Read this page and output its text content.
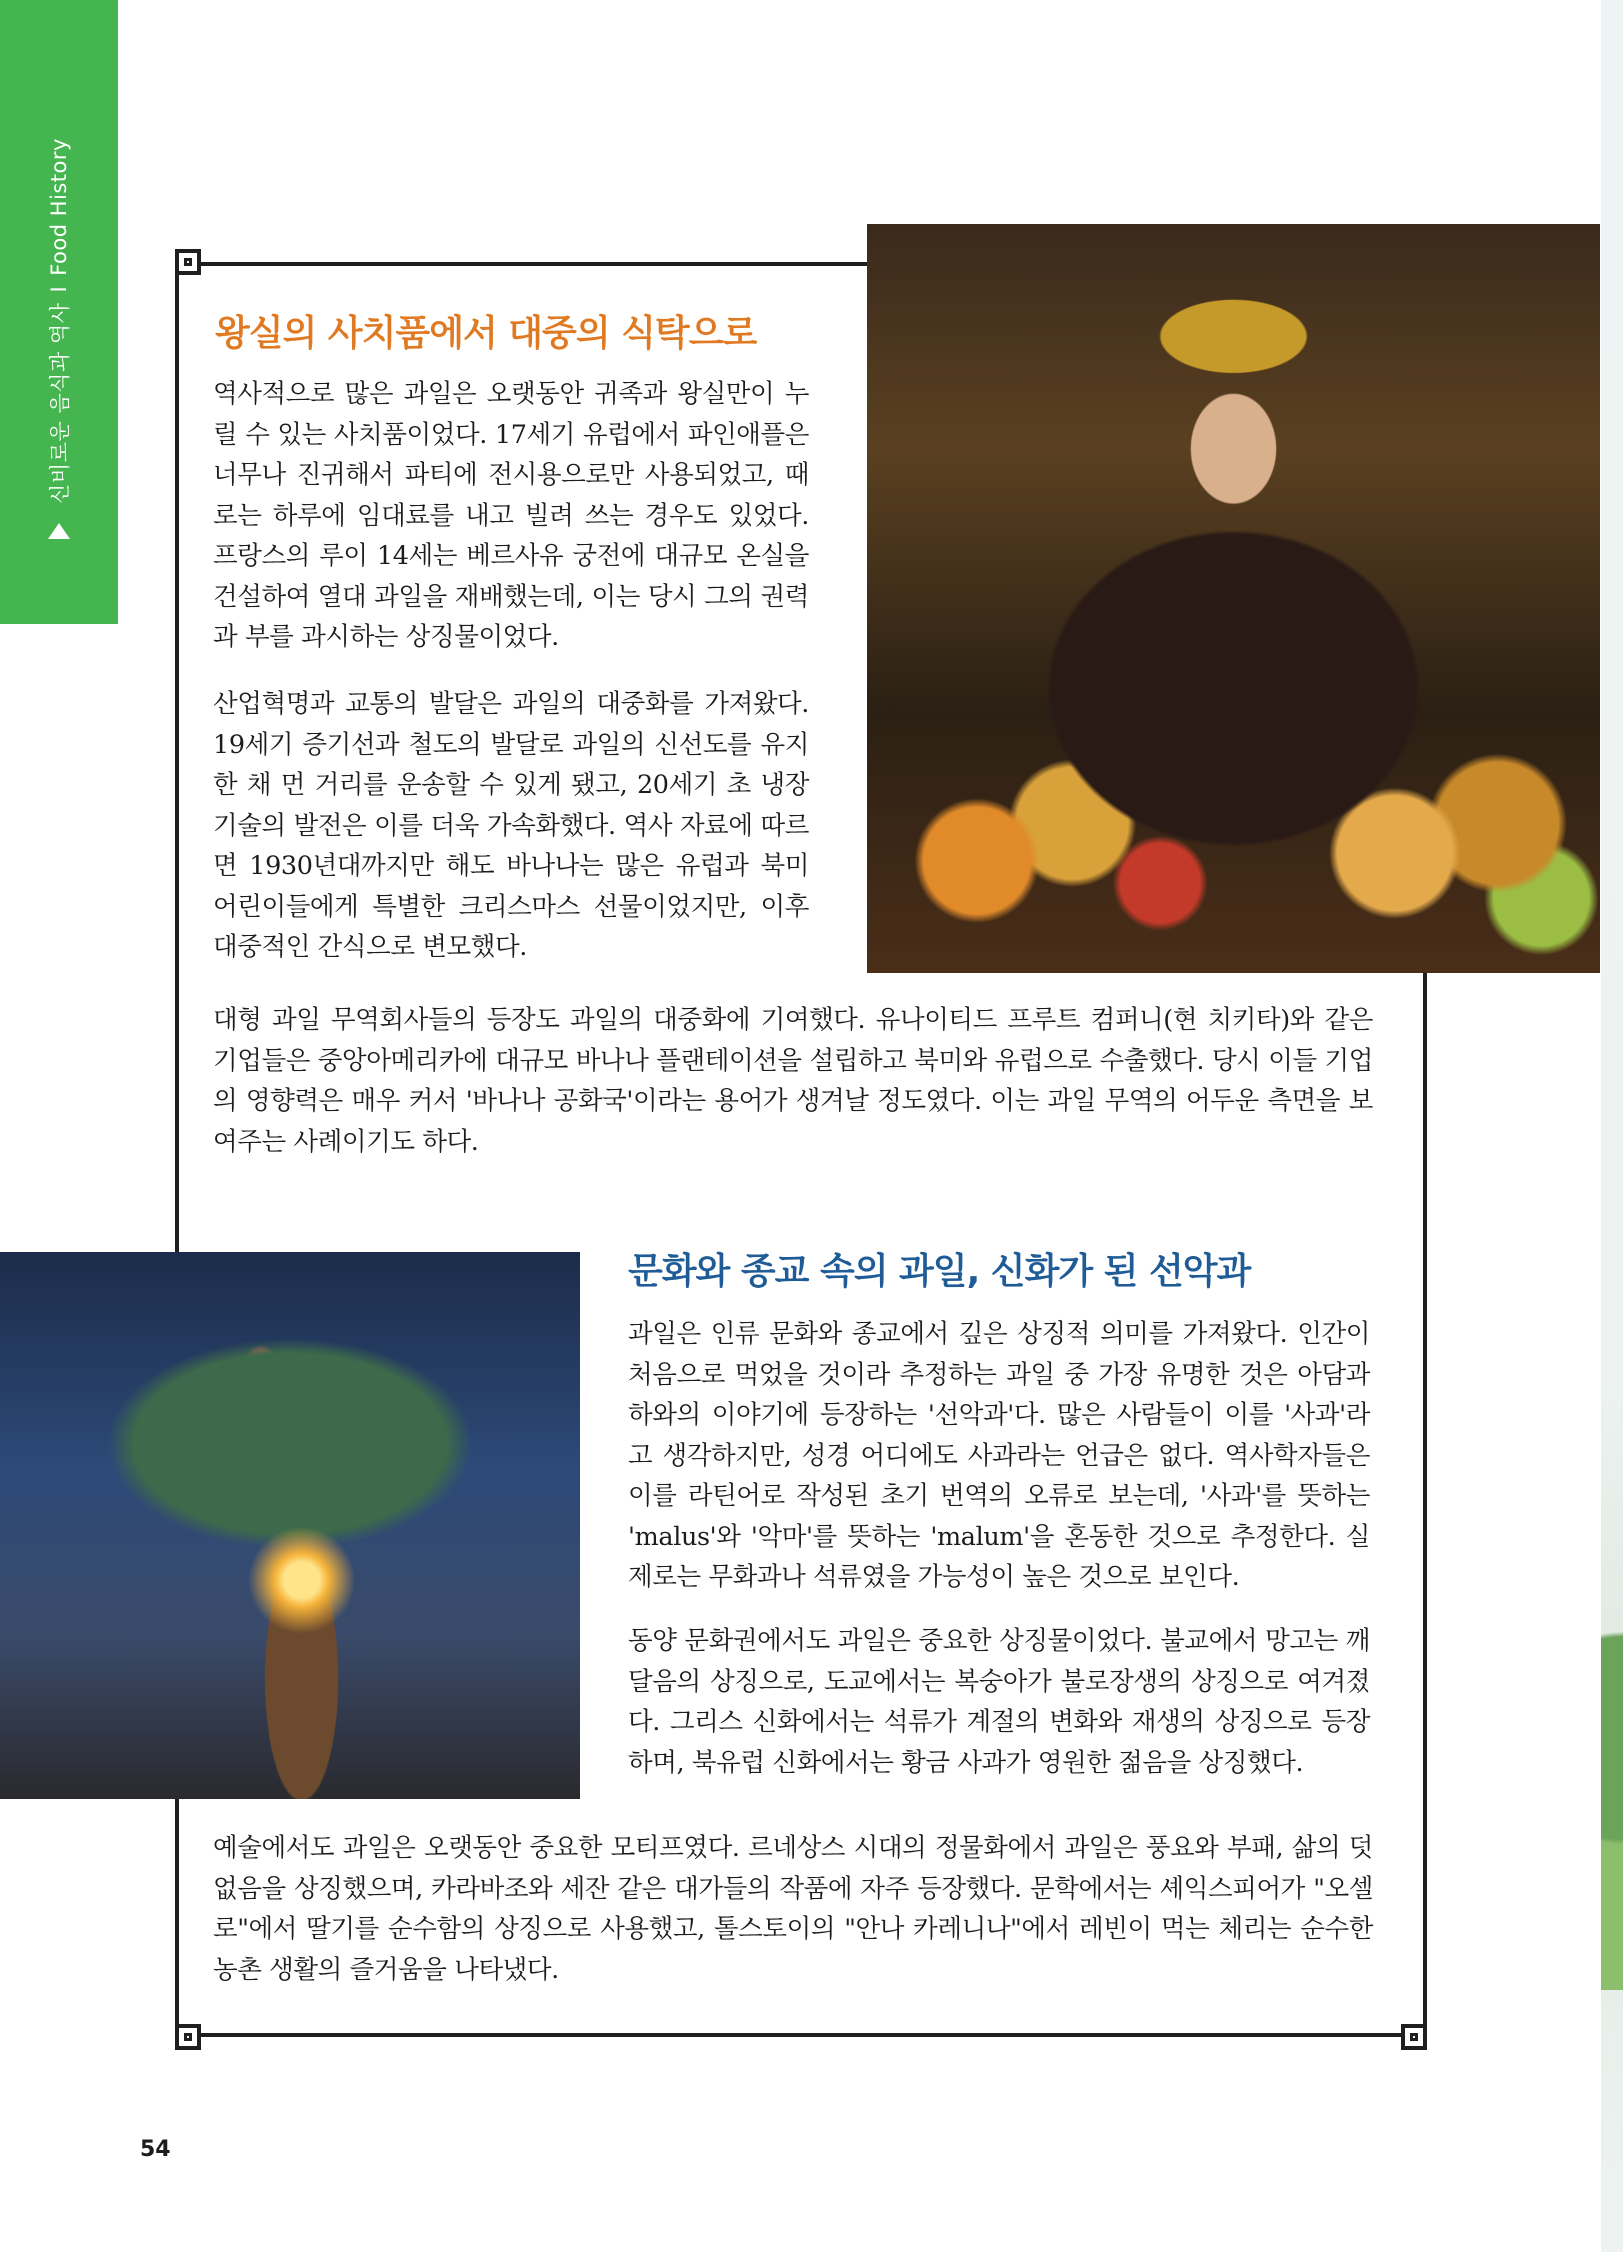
신비로운 음식과 역사
I
Food History
왕실의 사치품에서 대중의 식탁으로

역사적으로 많은 과일은 오랫동안 귀족과 왕실만이 누릴 수 있는 사치품이었다. 17세기 유럽에서 파인애플은 너무나 진귀해서 파티에 전시용으로만 사용되었고, 때로는 하루에 임대료를 내고 빌려 쓰는 경우도 있었다. 프랑스의 루이 14세는 베르사유 궁전에 대규모 온실을 건설하여 열대 과일을 재배했는데, 이는 당시 그의 권력과 부를 과시하는 상징물이었다.

산업혁명과 교통의 발달은 과일의 대중화를 가져왔다. 19세기 증기선과 철도의 발달로 과일의 신선도를 유지한 채 먼 거리를 운송할 수 있게 됐고, 20세기 초 냉장 기술의 발전은 이를 더욱 가속화했다. 역사 자료에 따르면 1930년대까지만 해도 바나나는 많은 유럽과 북미 어린이들에게 특별한 크리스마스 선물이었지만, 이후 대중적인 간식으로 변모했다.

대형 과일 무역회사들의 등장도 과일의 대중화에 기여했다. 유나이티드 프루트 컴퍼니(현 치키타)와 같은 기업들은 중앙아메리카에 대규모 바나나 플랜테이션을 설립하고 북미와 유럽으로 수출했다. 당시 이들 기업의 영향력은 매우 커서 '바나나 공화국'이라는 용어가 생겨날 정도였다. 이는 과일 무역의 어두운 측면을 보여주는 사례이기도 하다.

문화와 종교 속의 과일, 신화가 된 선악과

과일은 인류 문화와 종교에서 깊은 상징적 의미를 가져왔다. 인간이 처음으로 먹었을 것이라 추정하는 과일 중 가장 유명한 것은 아담과 하와의 이야기에 등장하는 '선악과'다. 많은 사람들이 이를 '사과'라고 생각하지만, 성경 어디에도 사과라는 언급은 없다. 역사학자들은 이를 라틴어로 작성된 초기 번역의 오류로 보는데, '사과'를 뜻하는 'malus'와 '악마'를 뜻하는 'malum'을 혼동한 것으로 추정한다. 실제로는 무화과나 석류였을 가능성이 높은 것으로 보인다.

동양 문화권에서도 과일은 중요한 상징물이었다. 불교에서 망고는 깨달음의 상징으로, 도교에서는 복숭아가 불로장생의 상징으로 여겨졌다. 그리스 신화에서는 석류가 계절의 변화와 재생의 상징으로 등장하며, 북유럽 신화에서는 황금 사과가 영원한 젊음을 상징했다.

예술에서도 과일은 오랫동안 중요한 모티프였다. 르네상스 시대의 정물화에서 과일은 풍요와 부패, 삶의 덧없음을 상징했으며, 카라바조와 세잔 같은 대가들의 작품에 자주 등장했다. 문학에서는 셰익스피어가 "오셀로"에서 딸기를 순수함의 상징으로 사용했고, 톨스토이의 "안나 카레니나"에서 레빈이 먹는 체리는 순수한 농촌 생활의 즐거움을 나타냈다.

54
